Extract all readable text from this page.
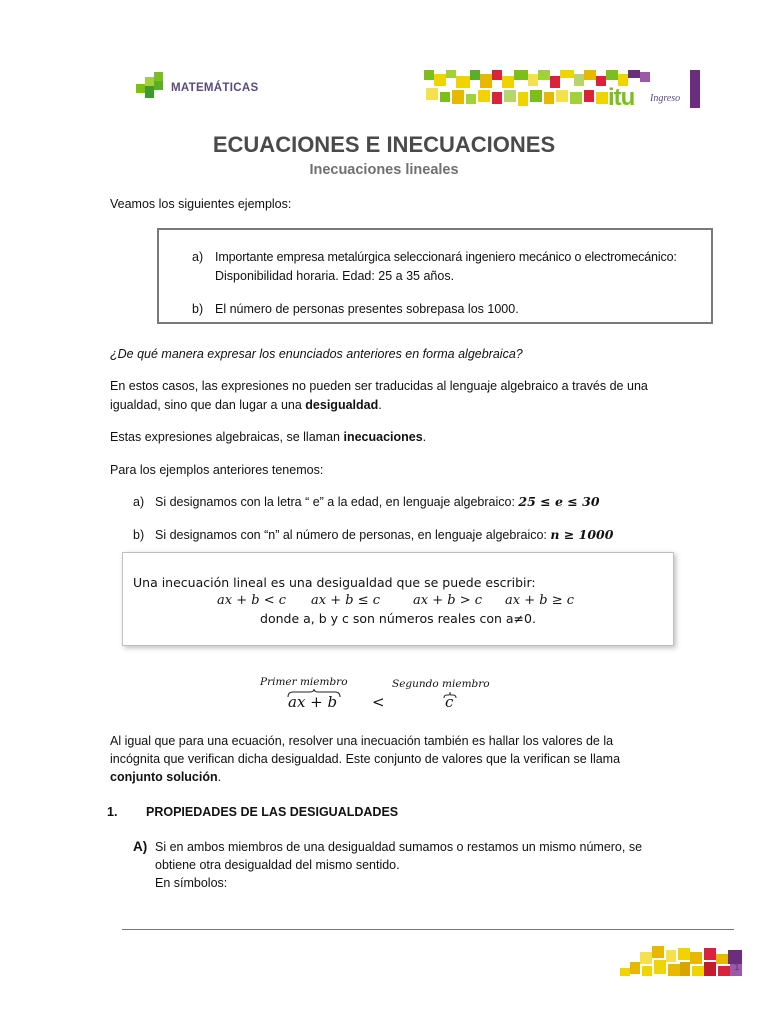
MATEMÁTICAS	itu Ingreso
ECUACIONES E INECUACIONES
Inecuaciones lineales
Veamos los siguientes ejemplos:
a) Importante empresa metalúrgica seleccionará ingeniero mecánico o electromecánico:
Disponibilidad horaria. Edad: 25 a 35 años.
b) El número de personas presentes sobrepasa los 1000.
¿De qué manera expresar los enunciados anteriores en forma algebraica?
En estos casos, las expresiones no pueden ser traducidas al lenguaje algebraico a través de una
igualdad, sino que dan lugar a una desigualdad.
Estas expresiones algebraicas, se llaman inecuaciones.
Para los ejemplos anteriores tenemos:
a) Si designamos con la letra “ e” a la edad, en lenguaje algebraico: 25 ≤ e ≤ 30
b) Si designamos con “n” al número de personas, en lenguaje algebraico: n ≥ 1000
Una inecuación lineal es una desigualdad que se puede escribir:
ax + b < c ax + b ≤ c	ax + b > c ax + b ≥ c
donde a, b y c son números reales con a≠0.
Primer miembro
ax + b <
Segundo miembro
c
Al igual que para una ecuación, resolver una inecuación también es hallar los valores de la
incógnita que verifican dicha desigualdad. Este conjunto de valores que la verifican se llama
conjunto solución.
1. PROPIEDADES DE LAS DESIGUALDADES
A) Si en ambos miembros de una desigualdad sumamos o restamos un mismo número, se
obtiene otra desigualdad del mismo sentido.
En símbolos:
1
